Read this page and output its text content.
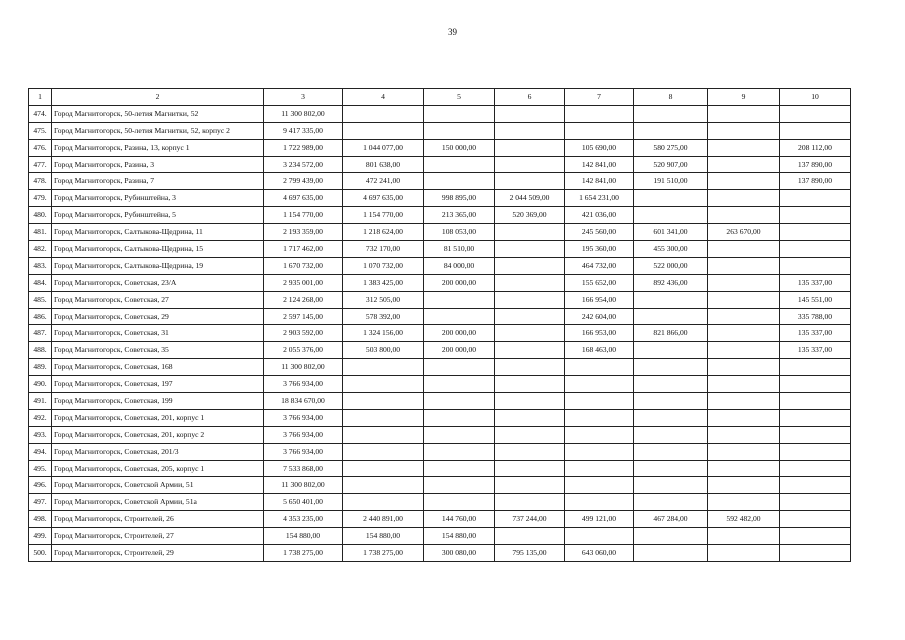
39
1	2	3	4	5	6	7	8	9	10
474.	Город Магнитогорск, 50-летия Магнитки, 52	11 300 802,00							
475.	Город Магнитогорск, 50-летия Магнитки, 52, корпус 2	9 417 335,00							
476.	Город Магнитогорск, Разина, 13, корпус 1	1 722 989,00	1 044 077,00	150 000,00		105 690,00	580 275,00		208 112,00
477.	Город Магнитогорск, Разина, 3	3 234 572,00	801 638,00			142 841,00	520 907,00		137 890,00
478.	Город Магнитогорск, Разина, 7	2 799 439,00	472 241,00			142 841,00	191 510,00		137 890,00
479.	Город Магнитогорск, Рубинштейна, 3	4 697 635,00	4 697 635,00	998 895,00	2 044 509,00	1 654 231,00			
480.	Город Магнитогорск, Рубинштейна, 5	1 154 770,00	1 154 770,00	213 365,00	520 369,00	421 036,00			
481.	Город Магнитогорск, Салтыкова-Щедрина, 11	2 193 359,00	1 218 624,00	108 053,00		245 560,00	601 341,00	263 670,00	
482.	Город Магнитогорск, Салтыкова-Щедрина, 15	1 717 462,00	732 170,00	81 510,00		195 360,00	455 300,00		
483.	Город Магнитогорск, Салтыкова-Щедрина, 19	1 670 732,00	1 070 732,00	84 000,00		464 732,00	522 000,00		
484.	Город Магнитогорск, Советская, 23/А	2 935 001,00	1 383 425,00	200 000,00		155 652,00	892 436,00		135 337,00
485.	Город Магнитогорск, Советская, 27	2 124 268,00	312 505,00			166 954,00			145 551,00
486.	Город Магнитогорск, Советская, 29	2 597 145,00	578 392,00			242 604,00			335 788,00
487.	Город Магнитогорск, Советская, 31	2 903 592,00	1 324 156,00	200 000,00		166 953,00	821 866,00		135 337,00
488.	Город Магнитогорск, Советская, 35	2 055 376,00	503 800,00	200 000,00		168 463,00			135 337,00
489.	Город Магнитогорск, Советская, 168	11 300 802,00							
490.	Город Магнитогорск, Советская, 197	3 766 934,00							
491.	Город Магнитогорск, Советская, 199	18 834 670,00							
492.	Город Магнитогорск, Советская, 201, корпус 1	3 766 934,00							
493.	Город Магнитогорск, Советская, 201, корпус 2	3 766 934,00							
494.	Город Магнитогорск, Советская, 201/3	3 766 934,00							
495.	Город Магнитогорск, Советская, 205, корпус 1	7 533 868,00							
496.	Город Магнитогорск, Советской Армии, 51	11 300 802,00							
497.	Город Магнитогорск, Советской Армии, 51а	5 650 401,00							
498.	Город Магнитогорск, Строителей, 26	4 353 235,00	2 440 891,00	144 760,00	737 244,00	499 121,00	467 284,00	592 482,00	
499.	Город Магнитогорск, Строителей, 27	154 880,00	154 880,00	154 880,00					
500.	Город Магнитогорск, Строителей, 29	1 738 275,00	1 738 275,00	300 080,00	795 135,00	643 060,00			
